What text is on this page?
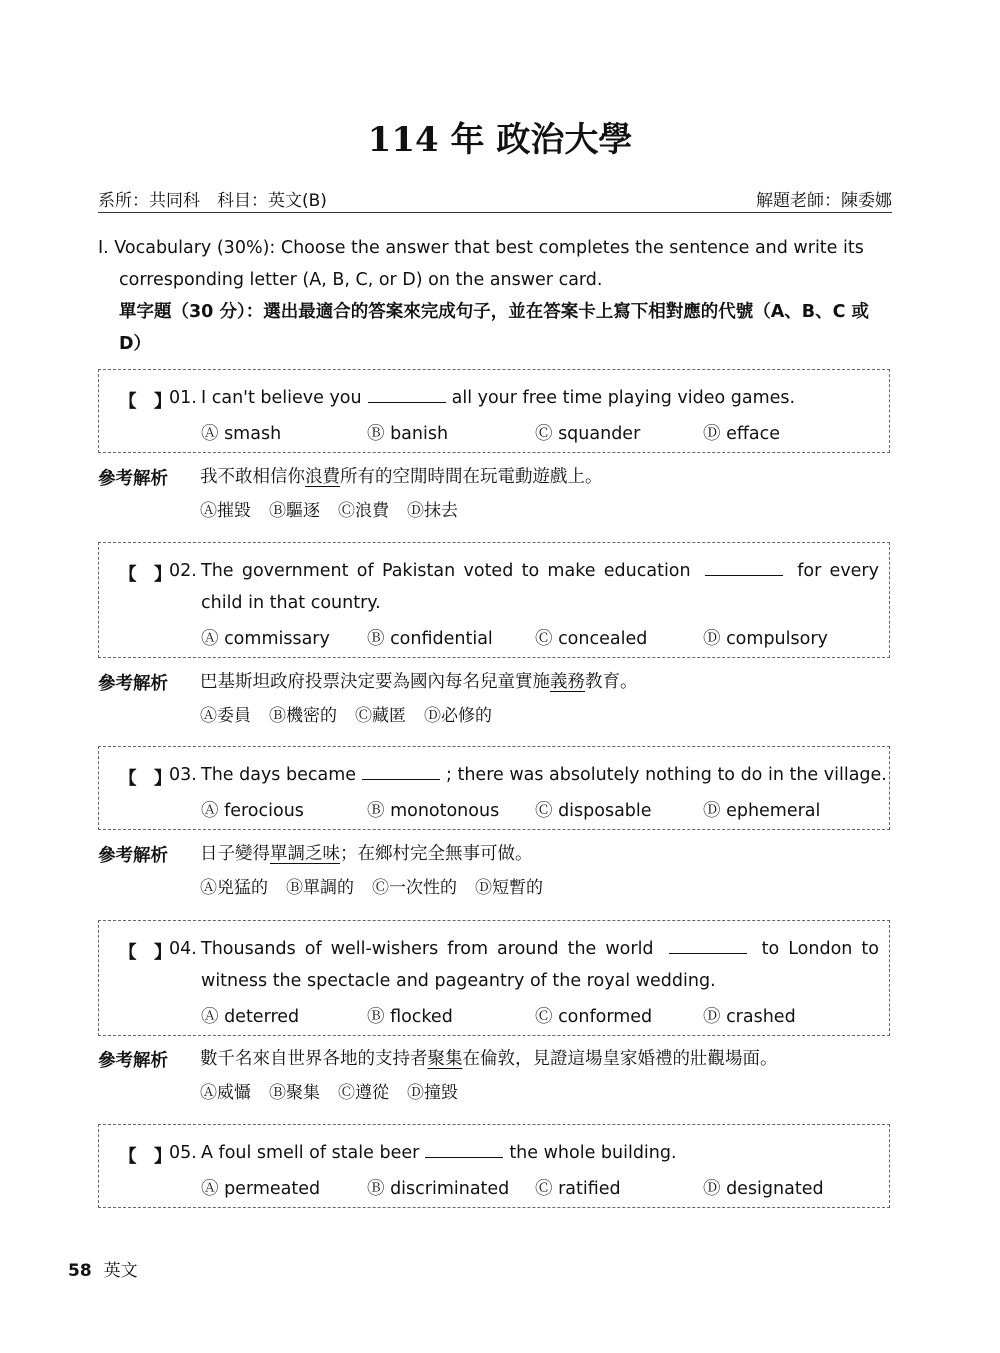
114 年 政治大學
系所：共同科　科目：英文(B)	解題老師：陳委娜
I. Vocabulary (30%): Choose the answer that best completes the sentence and write its corresponding letter (A, B, C, or D) on the answer card.
單字題（30 分）：選出最適合的答案來完成句子，並在答案卡上寫下相對應的代號（A、B、C 或 D）
【　】
01. I can't believe you	all your free time playing video games.
Ⓐ smash	Ⓑ banish	Ⓒ squander	Ⓓ efface
參考解析 我不敢相信你浪費所有的空閒時間在玩電動遊戲上。
Ⓐ摧毀 Ⓑ驅逐 Ⓒ浪費 Ⓓ抹去
【　】
02. The government of Pakistan voted to make education	for every child in that country.
Ⓐ commissary Ⓑ confidential Ⓒ concealed	Ⓓ compulsory
參考解析 巴基斯坦政府投票決定要為國內每名兒童實施義務教育。
Ⓐ委員 Ⓑ機密的 Ⓒ藏匿 Ⓓ必修的
【　】
03. The days became	; there was absolutely nothing to do in the village.
Ⓐ ferocious	Ⓑ monotonous Ⓒ disposable	Ⓓ ephemeral
參考解析 日子變得單調乏味；在鄉村完全無事可做。
Ⓐ兇猛的 Ⓑ單調的 Ⓒ一次性的 Ⓓ短暫的
【　】
04. Thousands of well-wishers from around the world	to London to witness the spectacle and pageantry of the royal wedding.
Ⓐ deterred	Ⓑ flocked	Ⓒ conformed	Ⓓ crashed
參考解析 數千名來自世界各地的支持者聚集在倫敦，見證這場皇家婚禮的壯觀場面。
Ⓐ威懾 Ⓑ聚集 Ⓒ遵從 Ⓓ撞毀
【　】
05. A foul smell of stale beer	the whole building.
Ⓐ permeated	Ⓑ discriminated Ⓒ ratified	Ⓓ designated
58 英文
